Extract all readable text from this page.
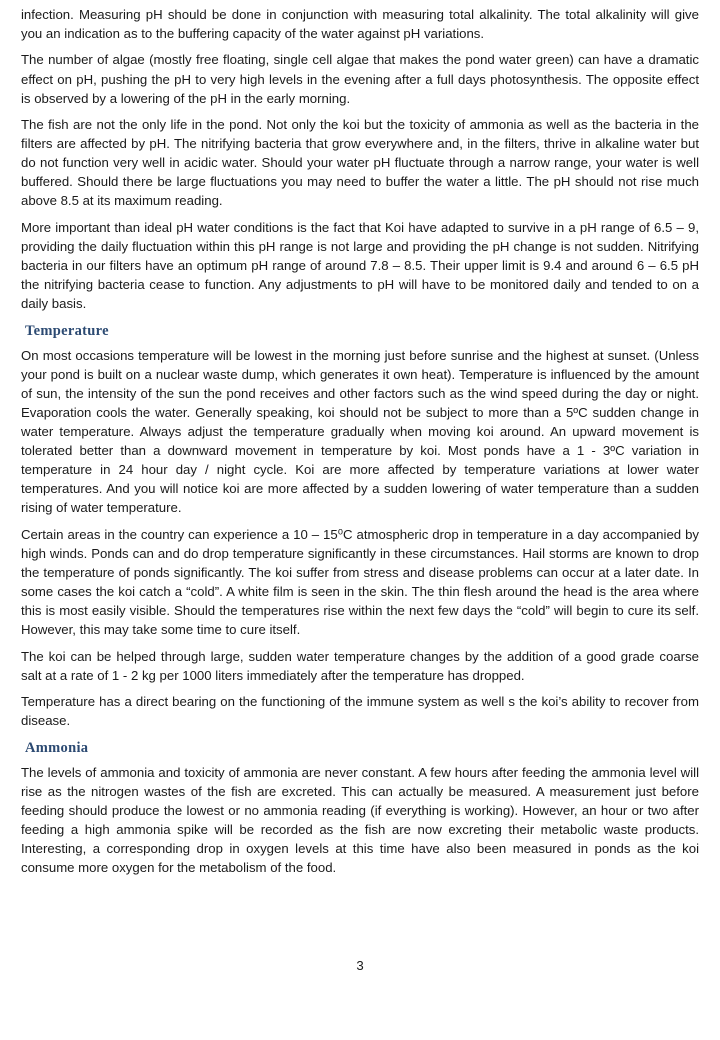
infection. Measuring pH should be done in conjunction with measuring total alkalinity. The total alkalinity will give you an indication as to the buffering capacity of the water against pH variations.

The number of algae (mostly free floating, single cell algae that makes the pond water green) can have a dramatic effect on pH, pushing the pH to very high levels in the evening after a full days photosynthesis. The opposite effect is observed by a lowering of the pH in the early morning.

The fish are not the only life in the pond. Not only the koi but the toxicity of ammonia as well as the bacteria in the filters are affected by pH. The nitrifying bacteria that grow everywhere and, in the filters, thrive in alkaline water but do not function very well in acidic water. Should your water pH fluctuate through a narrow range, your water is well buffered. Should there be large fluctuations you may need to buffer the water a little. The pH should not rise much above 8.5 at its maximum reading.

More important than ideal pH water conditions is the fact that Koi have adapted to survive in a pH range of 6.5 – 9, providing the daily fluctuation within this pH range is not large and providing the pH change is not sudden. Nitrifying bacteria in our filters have an optimum pH range of around 7.8 – 8.5. Their upper limit is 9.4 and around 6 – 6.5 pH the nitrifying bacteria cease to function. Any adjustments to pH will have to be monitored daily and tended to on a daily basis.

Temperature

On most occasions temperature will be lowest in the morning just before sunrise and the highest at sunset. (Unless your pond is built on a nuclear waste dump, which generates it own heat). Temperature is influenced by the amount of sun, the intensity of the sun the pond receives and other factors such as the wind speed during the day or night. Evaporation cools the water. Generally speaking, koi should not be subject to more than a 5ºC sudden change in water temperature. Always adjust the temperature gradually when moving koi around. An upward movement is tolerated better than a downward movement in temperature by koi. Most ponds have a 1 - 3ºC variation in temperature in 24 hour day / night cycle. Koi are more affected by temperature variations at lower water temperatures. And you will notice koi are more affected by a sudden lowering of water temperature than a sudden rising of water temperature.

Certain areas in the country can experience a 10 – 15⁰C atmospheric drop in temperature in a day accompanied by high winds. Ponds can and do drop temperature significantly in these circumstances. Hail storms are known to drop the temperature of ponds significantly. The koi suffer from stress and disease problems can occur at a later date. In some cases the koi catch a “cold”. A white film is seen in the skin. The thin flesh around the head is the area where this is most easily visible. Should the temperatures rise within the next few days the “cold” will begin to cure its self. However, this may take some time to cure itself.

The koi can be helped through large, sudden water temperature changes by the addition of a good grade coarse salt at a rate of 1 - 2 kg per 1000 liters immediately after the temperature has dropped.

Temperature has a direct bearing on the functioning of the immune system as well s the koi’s ability to recover from disease.

Ammonia

The levels of ammonia and toxicity of ammonia are never constant. A few hours after feeding the ammonia level will rise as the nitrogen wastes of the fish are excreted. This can actually be measured. A measurement just before feeding should produce the lowest or no ammonia reading (if everything is working). However, an hour or two after feeding a high ammonia spike will be recorded as the fish are now excreting their metabolic waste products. Interesting, a corresponding drop in oxygen levels at this time have also been measured in ponds as the koi consume more oxygen for the metabolism of the food.

3
